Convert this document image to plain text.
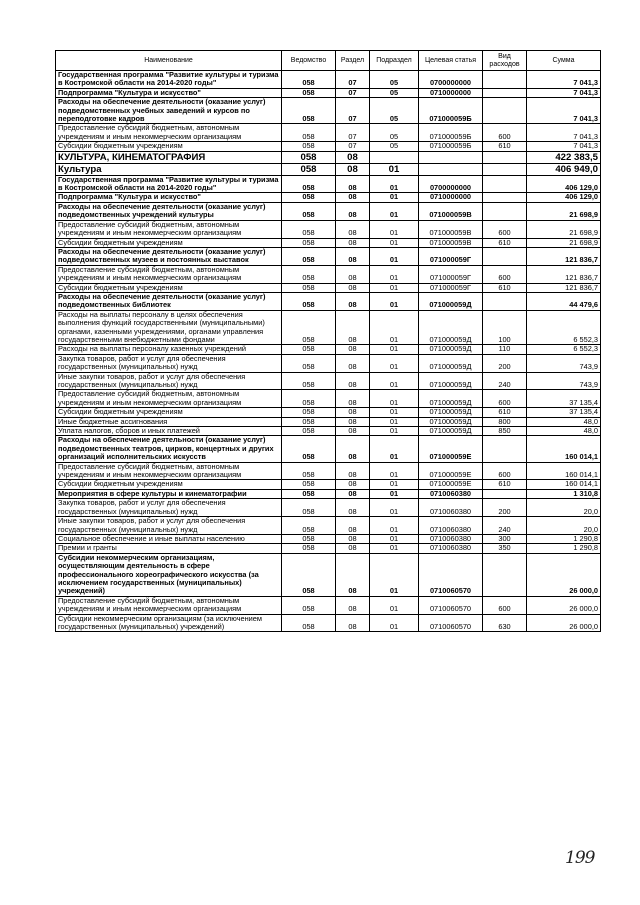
Наименование	Ведомство	Раздел	Подраздел	Целевая статья	Вид расходов	Сумма
Государственная программа "Развитие культуры и туризма в Костромской области на 2014-2020 годы"	058	07	05	0700000000		7 041,3
Подпрограмма "Культура и искусство"	058	07	05	0710000000		7 041,3
Расходы на обеспечение деятельности (оказание услуг) подведомственных учебных заведений и курсов по переподготовке кадров	058	07	05	071000059Б		7 041,3
Предоставление субсидий бюджетным, автономным учреждениям и иным некоммерческим организациям	058	07	05	071000059Б	600	7 041,3
Субсидии бюджетным учреждениям	058	07	05	071000059Б	610	7 041,3
КУЛЬТУРА, КИНЕМАТОГРАФИЯ	058	08				422 383,5
Культура	058	08	01			406 949,0
Государственная программа "Развитие культуры и туризма в Костромской области на 2014-2020 годы"	058	08	01	0700000000		406 129,0
Подпрограмма "Культура и искусство"	058	08	01	0710000000		406 129,0
Расходы на обеспечение деятельности (оказание услуг) подведомственных учреждений культуры	058	08	01	071000059В		21 698,9
Предоставление субсидий бюджетным, автономным учреждениям и иным некоммерческим организациям	058	08	01	071000059В	600	21 698,9
Субсидии бюджетным учреждениям	058	08	01	071000059В	610	21 698,9
Расходы на обеспечение деятельности (оказание услуг) подведомственных музеев и постоянных выставок	058	08	01	071000059Г		121 836,7
Предоставление субсидий бюджетным, автономным учреждениям и иным некоммерческим организациям	058	08	01	071000059Г	600	121 836,7
Субсидии бюджетным учреждениям	058	08	01	071000059Г	610	121 836,7
Расходы на обеспечение деятельности (оказание услуг) подведомственных библиотек	058	08	01	071000059Д		44 479,6
Расходы на выплаты персоналу в целях обеспечения выполнения функций государственными (муниципальными) органами, казенными учреждениями, органами управления государственными внебюджетными фондами	058	08	01	071000059Д	100	6 552,3
Расходы на выплаты персоналу казенных учреждений	058	08	01	071000059Д	110	6 552,3
Закупка товаров, работ и услуг для обеспечения государственных (муниципальных) нужд	058	08	01	071000059Д	200	743,9
Иные закупки товаров, работ и услуг для обеспечения государственных (муниципальных) нужд	058	08	01	071000059Д	240	743,9
Предоставление субсидий бюджетным, автономным учреждениям и иным некоммерческим организациям	058	08	01	071000059Д	600	37 135,4
Субсидии бюджетным учреждениям	058	08	01	071000059Д	610	37 135,4
Иные бюджетные ассигнования	058	08	01	071000059Д	800	48,0
Уплата налогов, сборов и иных платежей	058	08	01	071000059Д	850	48,0
Расходы на обеспечение деятельности (оказание услуг) подведомственных театров, цирков, концертных и других организаций исполнительских искусств	058	08	01	071000059Е		160 014,1
Предоставление субсидий бюджетным, автономным учреждениям и иным некоммерческим организациям	058	08	01	071000059Е	600	160 014,1
Субсидии бюджетным учреждениям	058	08	01	071000059Е	610	160 014,1
Мероприятия в сфере культуры и кинематографии	058	08	01	0710060380		1 310,8
Закупка товаров, работ и услуг для обеспечения государственных (муниципальных) нужд	058	08	01	0710060380	200	20,0
Иные закупки товаров, работ и услуг для обеспечения государственных (муниципальных) нужд	058	08	01	0710060380	240	20,0
Социальное обеспечение и иные выплаты населению	058	08	01	0710060380	300	1 290,8
Премии и гранты	058	08	01	0710060380	350	1 290,8
Субсидии некоммерческим организациям, осуществляющим деятельность в сфере профессионального хореографического искусства (за исключением государственных (муниципальных) учреждений)	058	08	01	0710060570		26 000,0
Предоставление субсидий бюджетным, автономным учреждениям и иным некоммерческим организациям	058	08	01	0710060570	600	26 000,0
Субсидии некоммерческим организациям (за исключением государственных (муниципальных) учреждений)	058	08	01	0710060570	630	26 000,0
199
